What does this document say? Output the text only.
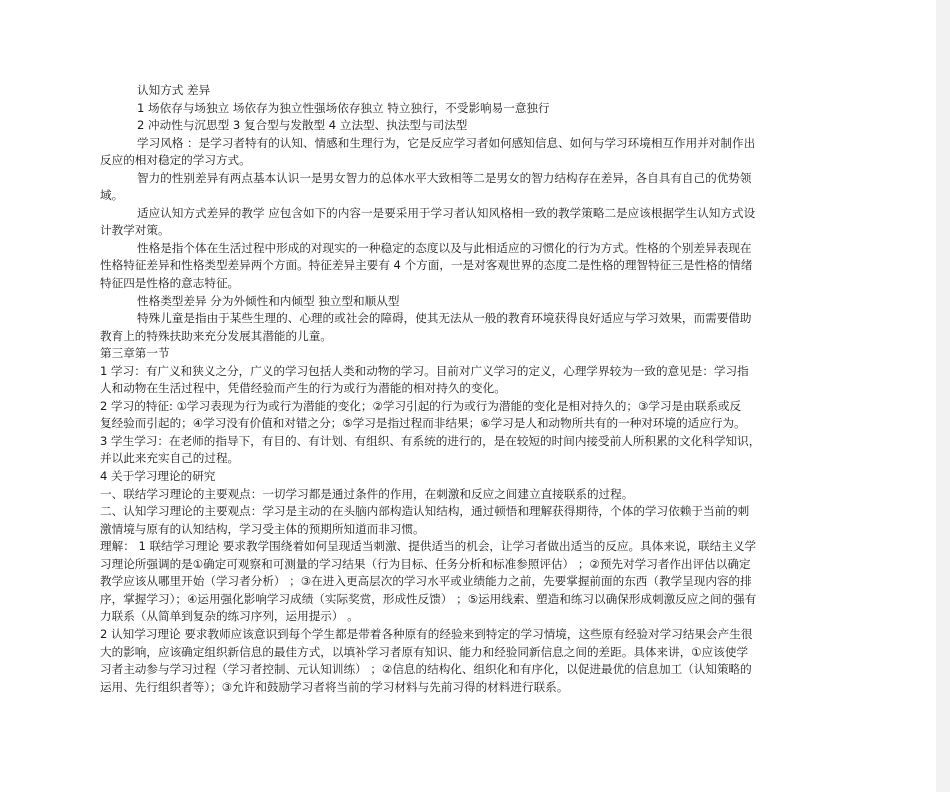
认知方式 差异

1 场依存与场独立 场依存为独立性强场依存独立 特立独行，不受影响易一意独行

2 冲动性与沉思型 3 复合型与发散型 4 立法型、执法型与司法型

学习风格 ：是学习者特有的认知、情感和生理行为，它是反应学习者如何感知信息、如何与学习环境相互作用并对制作出

反应的相对稳定的学习方式。

智力的性别差异有两点基本认识一是男女智力的总体水平大致相等二是男女的智力结构存在差异，各自具有自己的优势领

域。

适应认知方式差异的教学 应包含如下的内容一是要采用于学习者认知风格相一致的教学策略二是应该根据学生认知方式设

计教学对策。

性格是指个体在生活过程中形成的对现实的一种稳定的态度以及与此相适应的习惯化的行为方式。性格的个别差异表现在

性格特征差异和性格类型差异两个方面。特征差异主要有 4 个方面，一是对客观世界的态度二是性格的理智特征三是性格的情绪

特征四是性格的意志特征。

性格类型差异 分为外倾性和内倾型 独立型和顺从型

特殊儿童是指由于某些生理的、心理的或社会的障碍，使其无法从一般的教育环境获得良好适应与学习效果，而需要借助

教育上的特殊扶助来充分发展其潜能的儿童。

第三章第一节

1 学习：有广义和狭义之分，广义的学习包括人类和动物的学习。目前对广义学习的定义，心理学界较为一致的意见是：学习指

人和动物在生活过程中，凭借经验而产生的行为或行为潜能的相对持久的变化。

2 学习的特征: ①学习表现为行为或行为潜能的变化；②学习引起的行为或行为潜能的变化是相对持久的；③学习是由联系或反

复经验而引起的；④学习没有价值和对错之分；⑤学习是指过程而非结果；⑥学习是人和动物所共有的一种对环境的适应行为。

3 学生学习：在老师的指导下，有目的、有计划、有组织、有系统的进行的，是在较短的时间内接受前人所积累的文化科学知识，

并以此来充实自己的过程。

4 关于学习理论的研究

一、联结学习理论的主要观点：一切学习都是通过条件的作用，在刺激和反应之间建立直接联系的过程。

二、认知学习理论的主要观点：学习是主动的在头脑内部构造认知结构，通过顿悟和理解获得期待，个体的学习依赖于当前的刺

激情境与原有的认知结构，学习受主体的预期所知道而非习惯。

理解： 1 联结学习理论 要求教学围绕着如何呈现适当刺激、提供适当的机会，让学习者做出适当的反应。具体来说，联结主义学

习理论所强调的是①确定可观察和可测量的学习结果（行为目标、任务分析和标准参照评估） ；②预先对学习者作出评估以确定

教学应该从哪里开始（学习者分析） ；③在进入更高层次的学习水平或业绩能力之前，先要掌握前面的东西（教学呈现内容的排

序，掌握学习）；④运用强化影响学习成绩（实际奖赏，形成性反馈） ；⑤运用线索、塑造和练习以确保形成刺激反应之间的强有

力联系（从简单到复杂的练习序列，运用提示） 。

2 认知学习理论 要求教师应该意识到每个学生都是带着各种原有的经验来到特定的学习情境，这些原有经验对学习结果会产生很

大的影响，应该确定组织新信息的最佳方式，以填补学习者原有知识、能力和经验同新信息之间的差距。具体来讲，①应该使学

习者主动参与学习过程（学习者控制、元认知训练） ；②信息的结构化、组织化和有序化，以促进最优的信息加工（认知策略的

运用、先行组织者等）；③允许和鼓励学习者将当前的学习材料与先前习得的材料进行联系。
